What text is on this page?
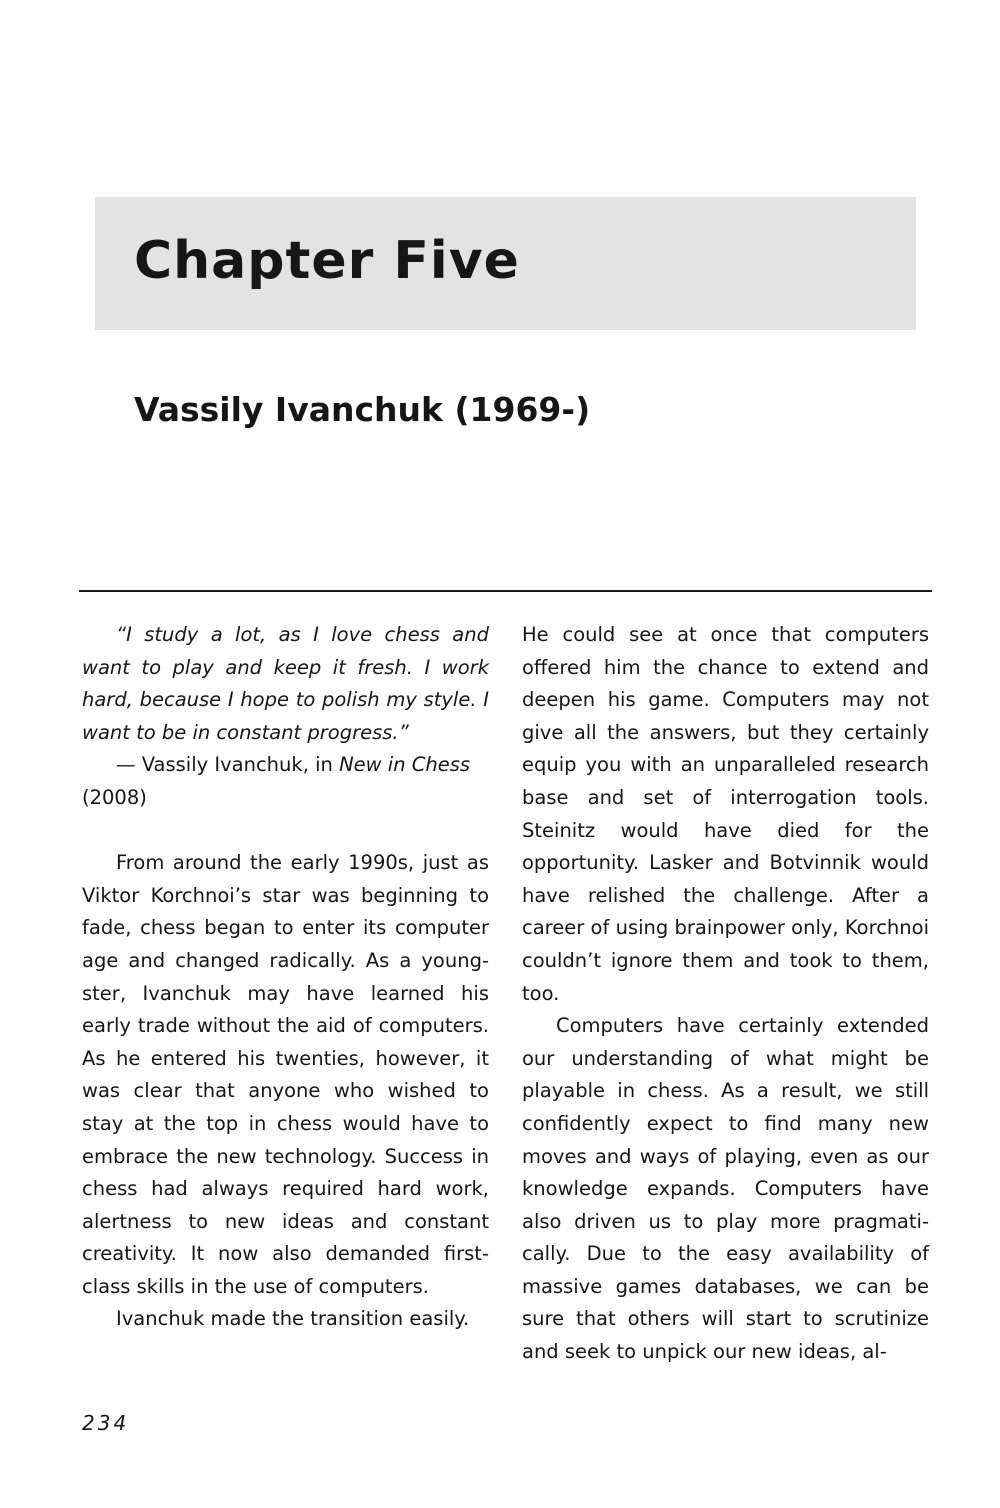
Chapter Five
Vassily Ivanchuk (1969-)

“I study a lot, as I love chess and want to play and keep it fresh. I work hard, because I hope to polish my style. I want to be in constant progress.”

— Vassily Ivanchuk, in New in Chess

(2008)

From around the early 1990s, just as Viktor Korchnoi’s star was beginning to fade, chess began to enter its computer age and changed radically. As a youngster, Ivanchuk may have learned his early trade without the aid of computers. As he entered his twenties, however, it was clear that anyone who wished to stay at the top in chess would have to embrace the new technology. Success in chess had always required hard work, alertness to new ideas and constant creativity. It now also demanded first-class skills in the use of computers.

Ivanchuk made the transition easily.

He could see at once that computers offered him the chance to extend and deepen his game. Computers may not give all the answers, but they certainly equip you with an unparalleled research base and set of interrogation tools. Steinitz would have died for the opportunity. Lasker and Botvinnik would have relished the challenge. After a career of using brainpower only, Korchnoi couldn’t ignore them and took to them, too.

Computers have certainly extended our understanding of what might be playable in chess. As a result, we still confidently expect to find many new moves and ways of playing, even as our knowledge expands. Computers have also driven us to play more pragmatically. Due to the easy availability of massive games databases, we can be sure that others will start to scrutinize and seek to unpick our new ideas, al-

234
